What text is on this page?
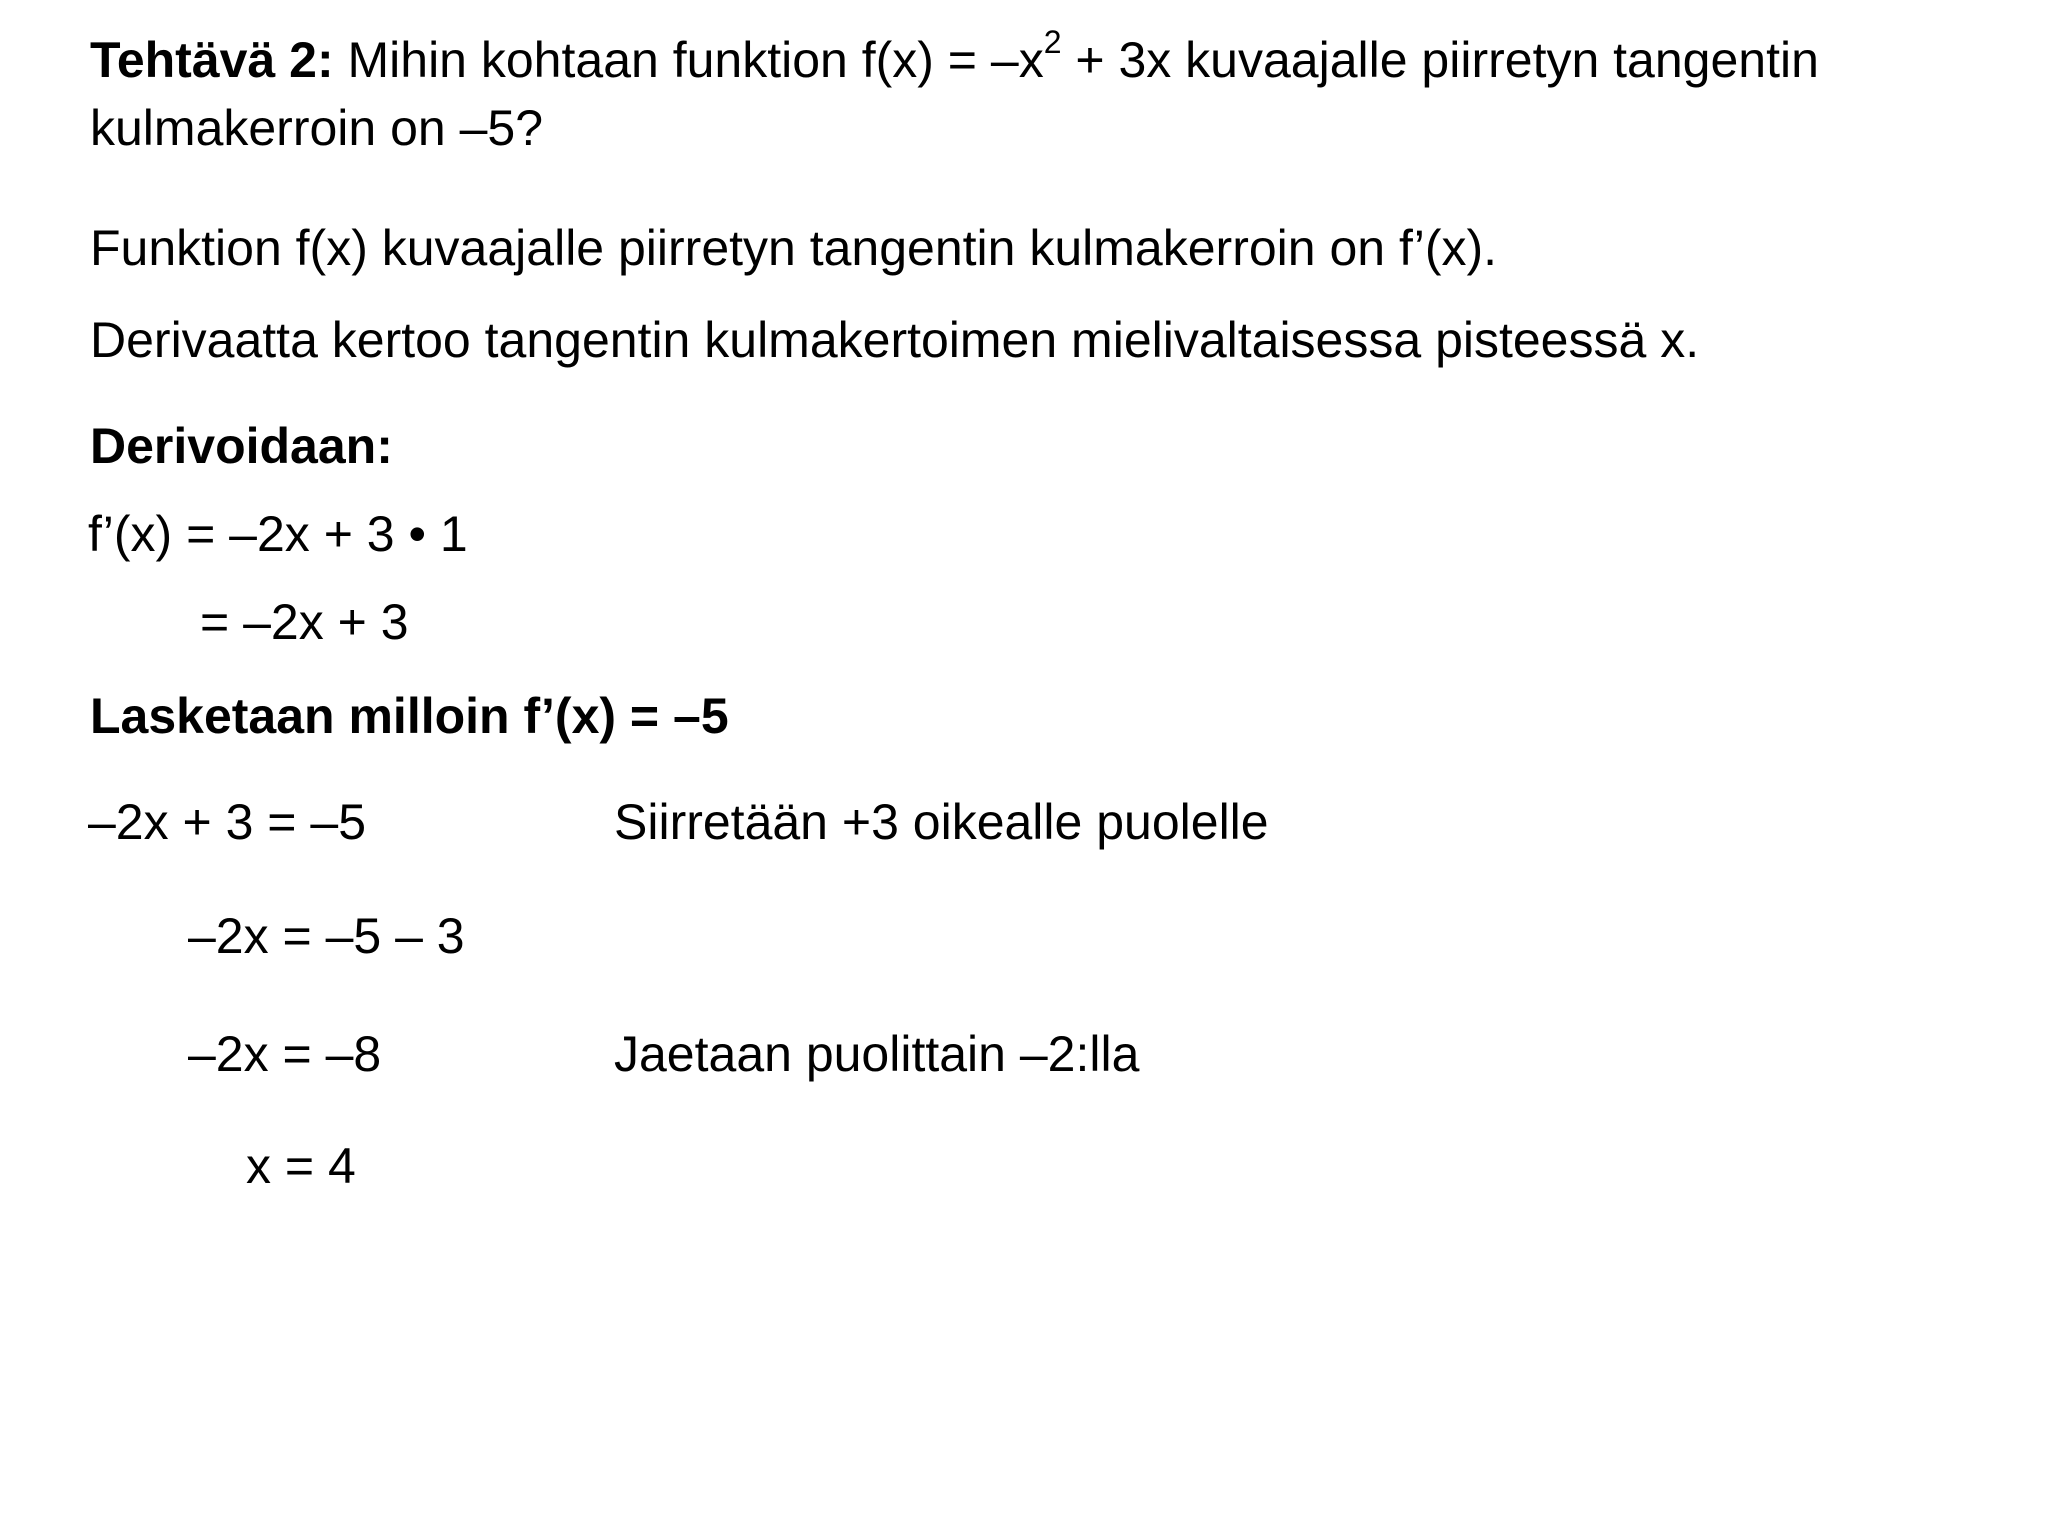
Tehtävä 2: Mihin kohtaan funktion $f(x) = -x^2 + 3x$ kuvaajalle piirretyn tangentin
kulmakerroin on –5?
Funktion f(x) kuvaajalle piirretyn tangentin kulmakerroin on f’(x).
Derivaatta kertoo tangentin kulmakertoimen mielivaltaisessa pisteessä x.
Derivoidaan:
f’(x) = –2x + 3 • 1
= –2x + 3
Lasketaan milloin f’(x) = –5
–2x + 3 = –5	Siirretään +3 oikealle puolelle
–2x = –5 – 3
–2x = –8	Jaetaan puolittain –2:lla
x = 4
